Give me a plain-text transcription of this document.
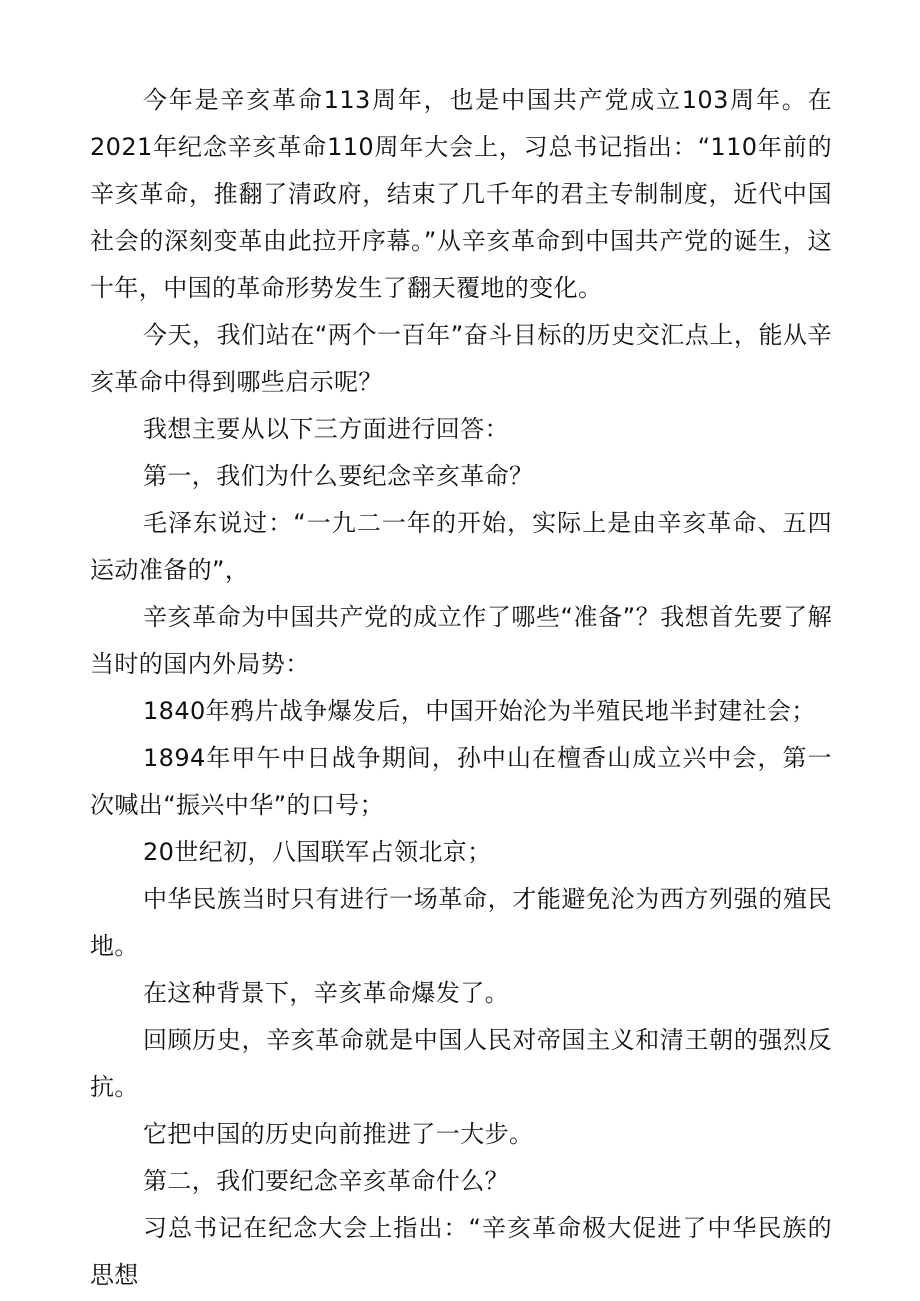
今年是辛亥革命113周年，也是中国共产党成立103周年。在2021年纪念辛亥革命110周年大会上，习总书记指出：“110年前的辛亥革命，推翻了清政府，结束了几千年的君主专制制度，近代中国社会的深刻变革由此拉开序幕。”从辛亥革命到中国共产党的诞生，这十年，中国的革命形势发生了翻天覆地的变化。

今天，我们站在“两个一百年”奋斗目标的历史交汇点上，能从辛亥革命中得到哪些启示呢？

我想主要从以下三方面进行回答：

第一，我们为什么要纪念辛亥革命？

毛泽东说过：“一九二一年的开始，实际上是由辛亥革命、五四运动准备的”，

辛亥革命为中国共产党的成立作了哪些“准备”？我想首先要了解当时的国内外局势：

1840年鸦片战争爆发后，中国开始沦为半殖民地半封建社会；

1894年甲午中日战争期间，孙中山在檀香山成立兴中会，第一次喊出“振兴中华”的口号；

20世纪初，八国联军占领北京；

中华民族当时只有进行一场革命，才能避免沦为西方列强的殖民地。

在这种背景下，辛亥革命爆发了。

回顾历史，辛亥革命就是中国人民对帝国主义和清王朝的强烈反抗。

它把中国的历史向前推进了一大步。

第二，我们要纪念辛亥革命什么？

习总书记在纪念大会上指出：“辛亥革命极大促进了中华民族的思想
